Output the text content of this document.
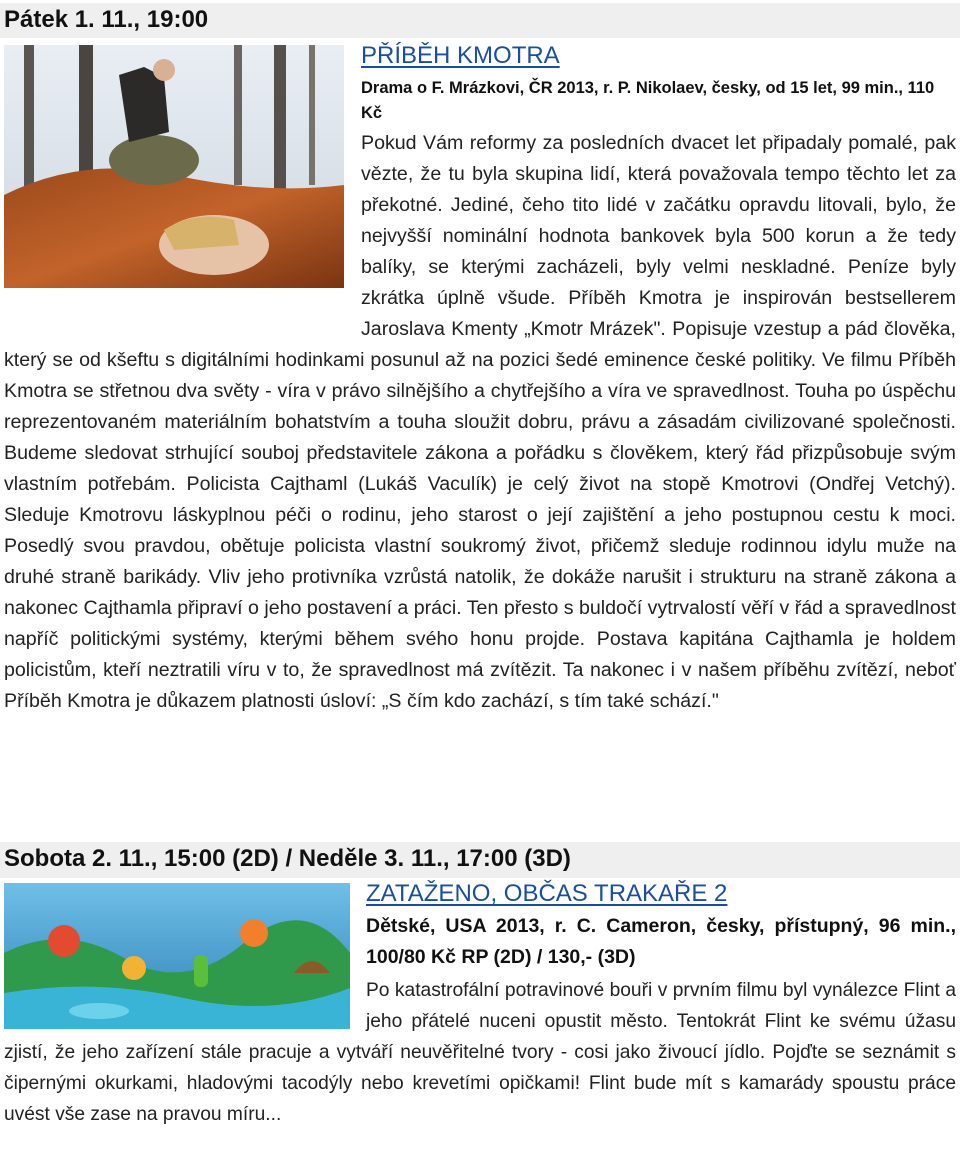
Pátek 1. 11., 19:00
PŘÍBĚH KMOTRA
Drama o F. Mrázkovi, ČR 2013, r. P. Nikolaev, česky, od 15 let, 99 min., 110 Kč
Pokud Vám reformy za posledních dvacet let připadaly pomalé, pak vězte, že tu byla skupina lidí, která považovala tempo těchto let za překotné. Jediné, čeho tito lidé v začátku opravdu litovali, bylo, že nejvyšší nominální hodnota bankovek byla 500 korun a že tedy balíky, se kterými zacházeli, byly velmi neskladné. Peníze byly zkrátka úplně všude. Příběh Kmotra je inspirován bestsellerem Jaroslava Kmenty „Kmotr Mrázek". Popisuje vzestup a pád člověka, který se od kšeftu s digitálními hodinkami posunul až na pozici šedé eminence české politiky. Ve filmu Příběh Kmotra se střetnou dva světy - víra v právo silnějšího a chytřejšího a víra ve spravedlnost. Touha po úspěchu reprezentovaném materiálním bohatstvím a touha sloužit dobru, právu a zásadám civilizované společnosti. Budeme sledovat strhující souboj představitele zákona a pořádku s člověkem, který řád přizpůsobuje svým vlastním potřebám. Policista Cajthaml (Lukáš Vaculík) je celý život na stopě Kmotrovi (Ondřej Vetchý). Sleduje Kmotrovu láskyplnou péči o rodinu, jeho starost o její zajištění a jeho postupnou cestu k moci. Posedlý svou pravdou, obětuje policista vlastní soukromý život, přičemž sleduje rodinnou idylu muže na druhé straně barikády. Vliv jeho protivníka vzrůstá natolik, že dokáže narušit i strukturu na straně zákona a nakonec Cajthamla připraví o jeho postavení a práci. Ten přesto s buldočí vytrvalostí věří v řád a spravedlnost napříč politickými systémy, kterými během svého honu projde. Postava kapitána Cajthamla je holdem policistům, kteří neztratili víru v to, že spravedlnost má zvítězit. Ta nakonec i v našem příběhu zvítězí, neboť Příběh Kmotra je důkazem platnosti úsloví: „S čím kdo zachází, s tím také schází."
Sobota 2. 11., 15:00 (2D) / Neděle 3. 11., 17:00 (3D)
ZATAŽENO, OBČAS TRAKAŘE 2
Dětské, USA 2013, r. C. Cameron, česky, přístupný, 96 min., 100/80 Kč RP (2D) / 130,- (3D)
Po katastrofální potravinové bouři v prvním filmu byl vynálezce Flint a jeho přátelé nuceni opustit město. Tentokrát Flint ke svému úžasu zjistí, že jeho zařízení stále pracuje a vytváří neuvěřitelné tvory - cosi jako živoucí jídlo. Pojďte se seznámit s čipernými okurkami, hladovými tacodýly nebo krevetími opičkami! Flint bude mít s kamarády spoustu práce uvést vše zase na pravou míru...
